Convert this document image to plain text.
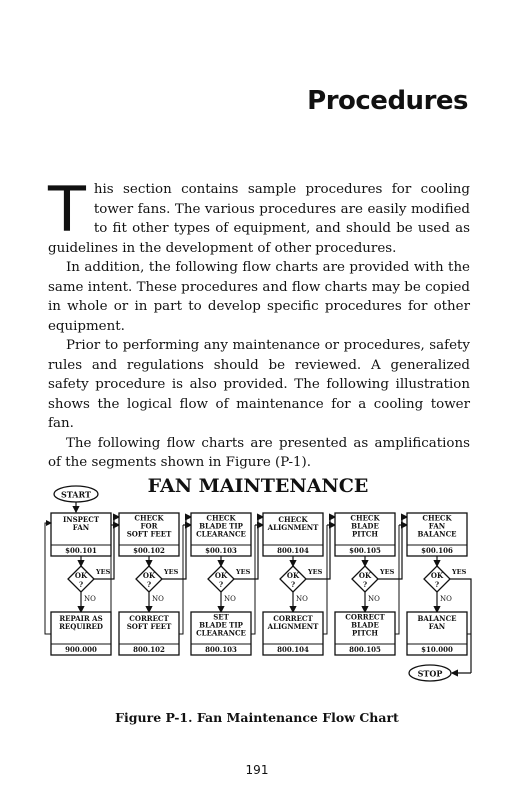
Procedures

This section contains sample procedures for cooling tower fans. The various procedures are easily modified to fit other types of equipment, and should be used as guidelines in the development of other procedures.

In addition, the following flow charts are provided with the same intent. These procedures and flow charts may be copied in whole or in part to develop specific procedures for other equipment.

Prior to performing any maintenance or procedures, safety rules and regulations should be reviewed. A generalized safety procedure is also provided. The following illustration shows the logical flow of maintenance for a cooling tower fan.

The following flow charts are presented as amplifications of the segments shown in Figure (P-1).

FAN MAINTENANCE
START
INSPECT
FAN
$00.101
OK
?
YES
NO
REPAIR AS
REQUIRED
900.000
CHECK
FOR
SOFT FEET
$00.102
OK
?
YES
NO
CORRECT
SOFT FEET
800.102
CHECK
BLADE TIP
CLEARANCE
$00.103
OK
?
YES
NO
SET
BLADE TIP
CLEARANCE
800.103
CHECK
ALIGNMENT
800.104
OK
?
YES
NO
CORRECT
ALIGNMENT
800.104
CHECK
BLADE
PITCH
$00.105
OK
?
YES
NO
CORRECT
BLADE
PITCH
800.105
CHECK
FAN
BALANCE
$00.106
OK
?
YES
NO
BALANCE
FAN
$10.000
STOP
Figure P-1. Fan Maintenance Flow Chart
191
